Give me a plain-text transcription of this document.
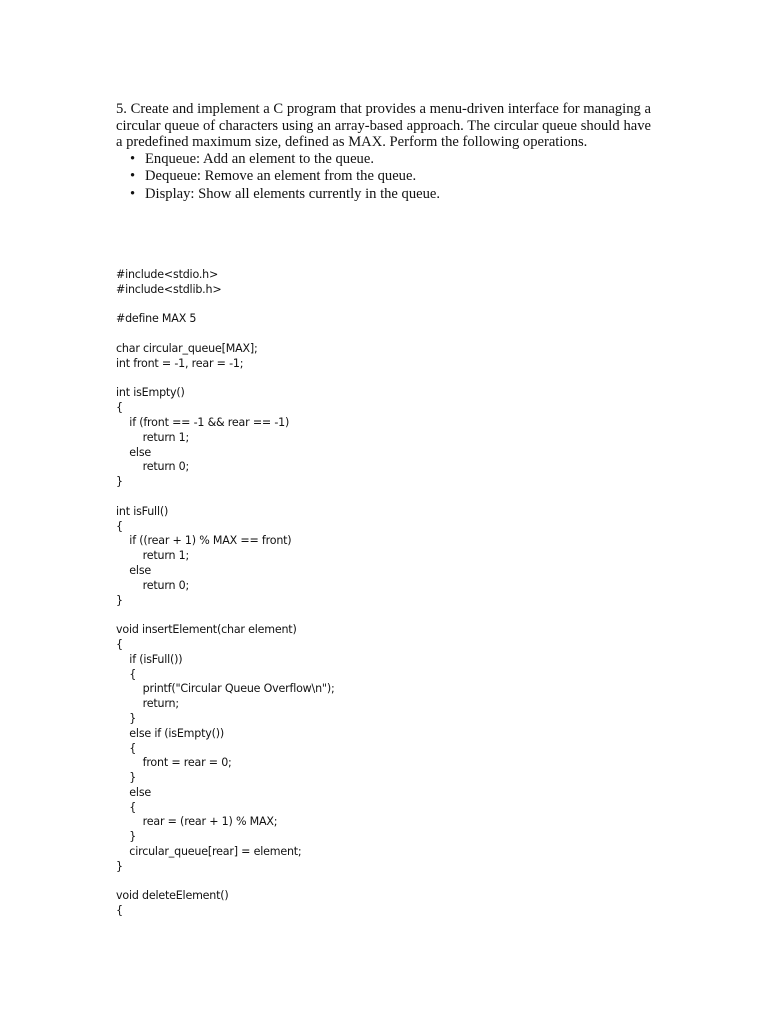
5. Create and implement a C program that provides a menu-driven interface for managing a circular queue of characters using an array-based approach. The circular queue should have a predefined maximum size, defined as MAX. Perform the following operations.

• Enqueue: Add an element to the queue.
• Dequeue: Remove an element from the queue.
• Display: Show all elements currently in the queue.
#include<stdio.h>
#include<stdlib.h>

#define MAX 5

char circular_queue[MAX];
int front = -1, rear = -1;

int isEmpty()
{
if (front == -1 && rear == -1)
return 1;
else
return 0;
}

int isFull()
{
if ((rear + 1) % MAX == front)
return 1;
else
return 0;
}

void insertElement(char element)
{
if (isFull())
{
printf("Circular Queue Overflow\n");
return;
}
else if (isEmpty())
{
front = rear = 0;
}
else
{
rear = (rear + 1) % MAX;
}
circular_queue[rear] = element;
}

void deleteElement()
{
